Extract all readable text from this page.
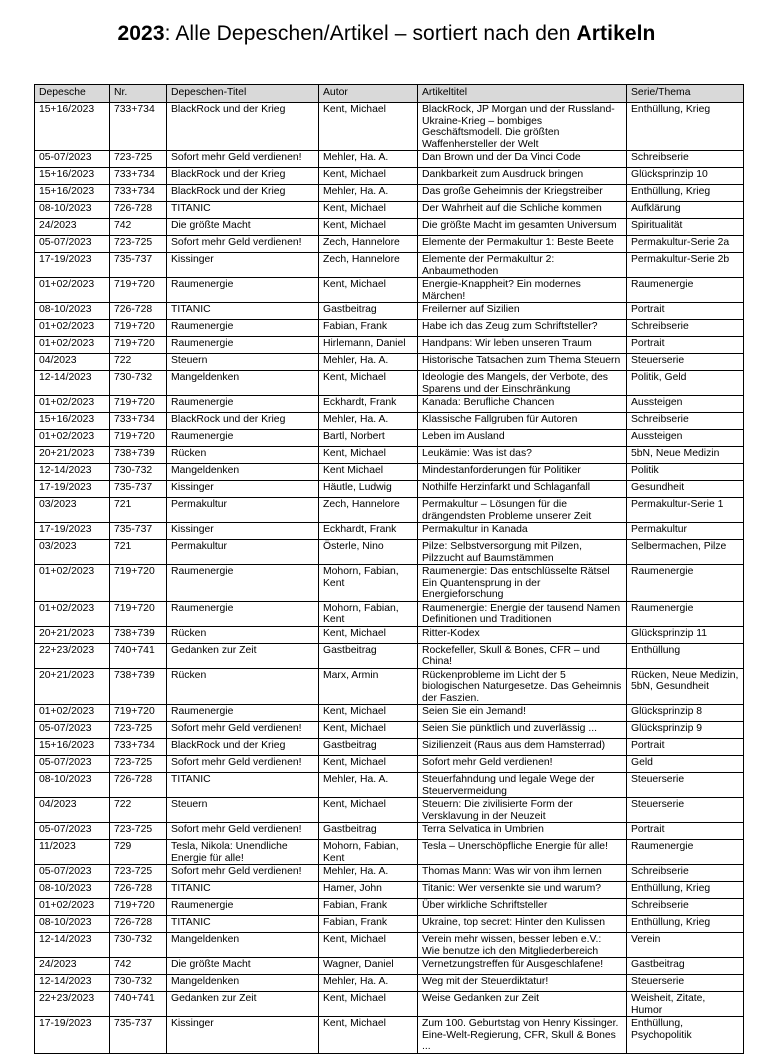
2023: Alle Depeschen/Artikel – sortiert nach den Artikeln
Depesche	Nr.	Depeschen-Titel	Autor	Artikeltitel	Serie/Thema
15+16/2023	733+734	BlackRock und der Krieg	Kent, Michael	BlackRock, JP Morgan und der Russland-Ukraine-Krieg – bombiges Geschäftsmodell. Die größten Waffenhersteller der Welt	Enthüllung, Krieg
05-07/2023	723-725	Sofort mehr Geld verdienen!	Mehler, Ha. A.	Dan Brown und der Da Vinci Code	Schreibserie
15+16/2023	733+734	BlackRock und der Krieg	Kent, Michael	Dankbarkeit zum Ausdruck bringen	Glücksprinzip 10
15+16/2023	733+734	BlackRock und der Krieg	Mehler, Ha. A.	Das große Geheimnis der Kriegstreiber	Enthüllung, Krieg
08-10/2023	726-728	TITANIC	Kent, Michael	Der Wahrheit auf die Schliche kommen	Aufklärung
24/2023	742	Die größte Macht	Kent, Michael	Die größte Macht im gesamten Universum	Spiritualität
05-07/2023	723-725	Sofort mehr Geld verdienen!	Zech, Hannelore	Elemente der Permakultur 1: Beste Beete	Permakultur-Serie 2a
17-19/2023	735-737	Kissinger	Zech, Hannelore	Elemente der Permakultur 2: Anbaumethoden	Permakultur-Serie 2b
01+02/2023	719+720	Raumenergie	Kent, Michael	Energie-Knappheit? Ein modernes Märchen!	Raumenergie
08-10/2023	726-728	TITANIC	Gastbeitrag	Freilerner auf Sizilien	Portrait
01+02/2023	719+720	Raumenergie	Fabian, Frank	Habe ich das Zeug zum Schriftsteller?	Schreibserie
01+02/2023	719+720	Raumenergie	Hirlemann, Daniel	Handpans: Wir leben unseren Traum	Portrait
04/2023	722	Steuern	Mehler, Ha. A.	Historische Tatsachen zum Thema Steuern	Steuerserie
12-14/2023	730-732	Mangeldenken	Kent, Michael	Ideologie des Mangels, der Verbote, des Sparens und der Einschränkung	Politik, Geld
01+02/2023	719+720	Raumenergie	Eckhardt, Frank	Kanada: Berufliche Chancen	Aussteigen
15+16/2023	733+734	BlackRock und der Krieg	Mehler, Ha. A.	Klassische Fallgruben für Autoren	Schreibserie
01+02/2023	719+720	Raumenergie	Bartl, Norbert	Leben im Ausland	Aussteigen
20+21/2023	738+739	Rücken	Kent, Michael	Leukämie: Was ist das?	5bN, Neue Medizin
12-14/2023	730-732	Mangeldenken	Kent Michael	Mindestanforderungen für Politiker	Politik
17-19/2023	735-737	Kissinger	Häutle, Ludwig	Nothilfe Herzinfarkt und Schlaganfall	Gesundheit
03/2023	721	Permakultur	Zech, Hannelore	Permakultur – Lösungen für die drängendsten Probleme unserer Zeit	Permakultur-Serie 1
17-19/2023	735-737	Kissinger	Eckhardt, Frank	Permakultur in Kanada	Permakultur
03/2023	721	Permakultur	Österle, Nino	Pilze: Selbstversorgung mit Pilzen, Pilzzucht auf Baumstämmen	Selbermachen, Pilze
01+02/2023	719+720	Raumenergie	Mohorn, Fabian, Kent	Raumenergie: Das entschlüsselte Rätsel Ein Quantensprung in der Energieforschung	Raumenergie
01+02/2023	719+720	Raumenergie	Mohorn, Fabian, Kent	Raumenergie: Energie der tausend Namen Definitionen und Traditionen	Raumenergie
20+21/2023	738+739	Rücken	Kent, Michael	Ritter-Kodex	Glücksprinzip 11
22+23/2023	740+741	Gedanken zur Zeit	Gastbeitrag	Rockefeller, Skull & Bones, CFR – und China!	Enthüllung
20+21/2023	738+739	Rücken	Marx, Armin	Rückenprobleme im Licht der 5 biologischen Naturgesetze. Das Geheimnis der Faszien.	Rücken, Neue Medizin, 5bN, Gesundheit
01+02/2023	719+720	Raumenergie	Kent, Michael	Seien Sie ein Jemand!	Glücksprinzip 8
05-07/2023	723-725	Sofort mehr Geld verdienen!	Kent, Michael	Seien Sie pünktlich und zuverlässig ...	Glücksprinzip 9
15+16/2023	733+734	BlackRock und der Krieg	Gastbeitrag	Sizilienzeit (Raus aus dem Hamsterrad)	Portrait
05-07/2023	723-725	Sofort mehr Geld verdienen!	Kent, Michael	Sofort mehr Geld verdienen!	Geld
08-10/2023	726-728	TITANIC	Mehler, Ha. A.	Steuerfahndung und legale Wege der Steuervermeidung	Steuerserie
04/2023	722	Steuern	Kent, Michael	Steuern: Die zivilisierte Form der Versklavung in der Neuzeit	Steuerserie
05-07/2023	723-725	Sofort mehr Geld verdienen!	Gastbeitrag	Terra Selvatica in Umbrien	Portrait
11/2023	729	Tesla, Nikola: Unendliche Energie für alle!	Mohorn, Fabian, Kent	Tesla – Unerschöpfliche Energie für alle!	Raumenergie
05-07/2023	723-725	Sofort mehr Geld verdienen!	Mehler, Ha. A.	Thomas Mann: Was wir von ihm lernen	Schreibserie
08-10/2023	726-728	TITANIC	Hamer, John	Titanic: Wer versenkte sie und warum?	Enthüllung, Krieg
01+02/2023	719+720	Raumenergie	Fabian, Frank	Über wirkliche Schriftsteller	Schreibserie
08-10/2023	726-728	TITANIC	Fabian, Frank	Ukraine, top secret: Hinter den Kulissen	Enthüllung, Krieg
12-14/2023	730-732	Mangeldenken	Kent, Michael	Verein mehr wissen, besser leben e.V.: Wie benutze ich den Mitgliederbereich	Verein
24/2023	742	Die größte Macht	Wagner, Daniel	Vernetzungstreffen für Ausgeschlafene!	Gastbeitrag
12-14/2023	730-732	Mangeldenken	Mehler, Ha. A.	Weg mit der Steuerdiktatur!	Steuerserie
22+23/2023	740+741	Gedanken zur Zeit	Kent, Michael	Weise Gedanken zur Zeit	Weisheit, Zitate, Humor
17-19/2023	735-737	Kissinger	Kent, Michael	Zum 100. Geburtstag von Henry Kissinger. Eine-Welt-Regierung, CFR, Skull & Bones ...	Enthüllung, Psychopolitik
